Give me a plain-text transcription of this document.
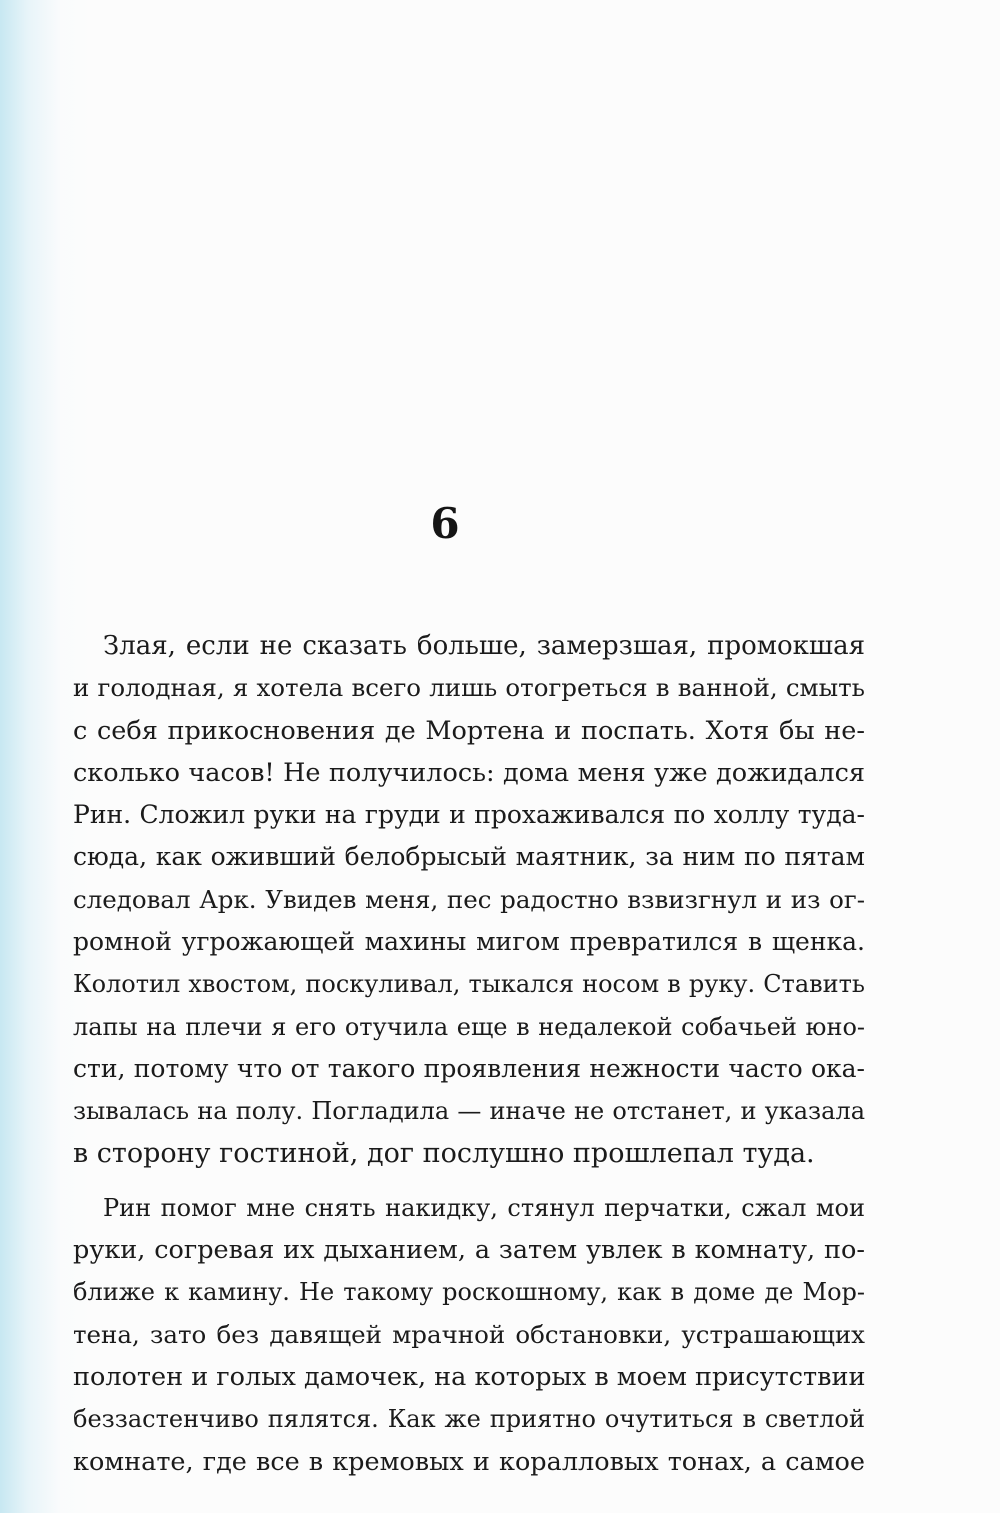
6
Злая, если не сказать больше, замерзшая, промокшая
и голодная, я хотела всего лишь отогреться в ванной, смыть
с себя прикосновения де Мортена и поспать. Хотя бы не-
сколько часов! Не получилось: дома меня уже дожидался
Рин. Сложил руки на груди и прохаживался по холлу туда-
сюда, как оживший белобрысый маятник, за ним по пятам
следовал Арк. Увидев меня, пес радостно взвизгнул и из ог-
ромной угрожающей махины мигом превратился в щенка.
Колотил хвостом, поскуливал, тыкался носом в руку. Ставить
лапы на плечи я его отучила еще в недалекой собачьей юно-
сти, потому что от такого проявления нежности часто ока-
зывалась на полу. Погладила — иначе не отстанет, и указала
в сторону гостиной, дог послушно прошлепал туда.
Рин помог мне снять накидку, стянул перчатки, сжал мои
руки, согревая их дыханием, а затем увлек в комнату, по-
ближе к камину. Не такому роскошному, как в доме де Мор-
тена, зато без давящей мрачной обстановки, устрашающих
полотен и голых дамочек, на которых в моем присутствии
беззастенчиво пялятся. Как же приятно очутиться в светлой
комнате, где все в кремовых и коралловых тонах, а самое
